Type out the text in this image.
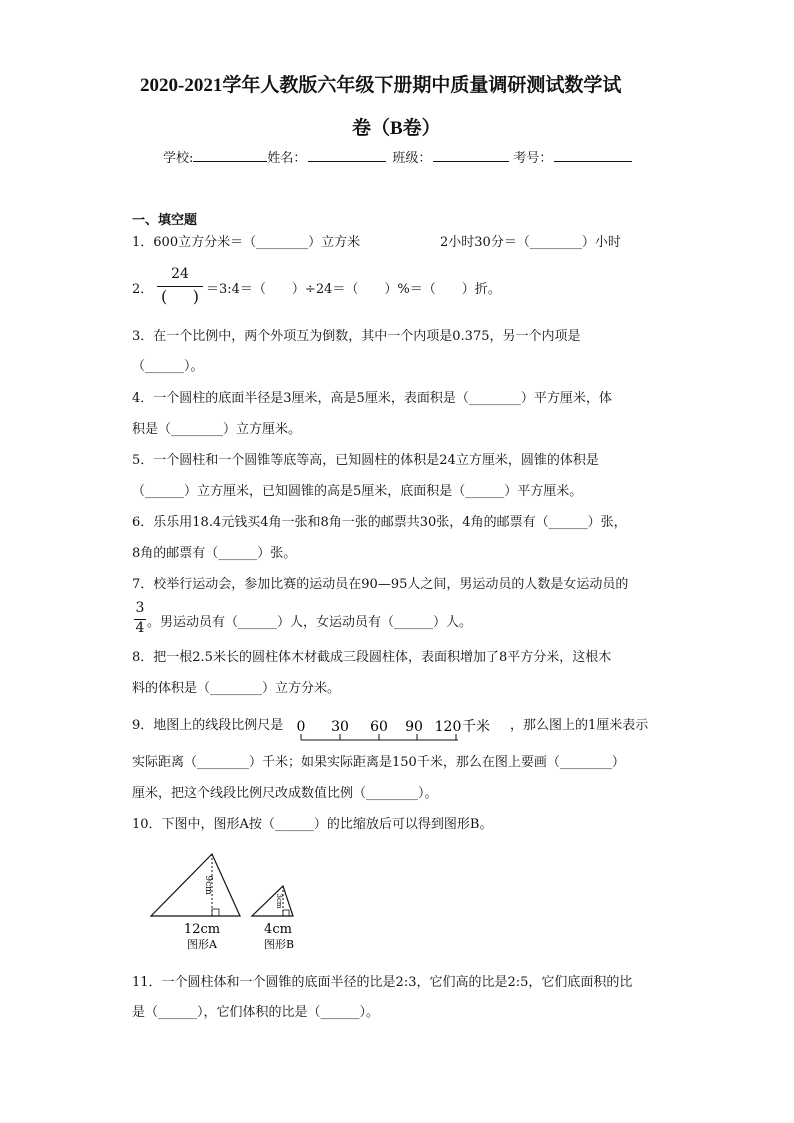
2020-2021学年人教版六年级下册期中质量调研测试数学试
卷（B卷）
学校:	姓名：	班级：	考号：
一、填空题
1．600立方分米＝（________）立方米	2小时30分＝（________）小时
2．
24
(     ) ＝3:4＝（　　）÷24＝（　　）%＝（　　）折。
3．在一个比例中，两个外项互为倒数，其中一个内项是0.375，另一个内项是
（______）。
4．一个圆柱的底面半径是3厘米，高是5厘米，表面积是（________）平方厘米，体
积是（________）立方厘米。
5．一个圆柱和一个圆锥等底等高，已知圆柱的体积是24立方厘米，圆锥的体积是
（______）立方厘米，已知圆锥的高是5厘米，底面积是（______）平方厘米。
6．乐乐用18.4元钱买4角一张和8角一张的邮票共30张，4角的邮票有（______）张，
8角的邮票有（______）张。
7．校举行运动会，参加比赛的运动员在90—95人之间，男运动员的人数是女运动员的
3
4 。男运动员有（______）人，女运动员有（______）人。
8．把一根2.5米长的圆柱体木材截成三段圆柱体，表面积增加了8平方分米，这根木
料的体积是（________）立方分米。
9．地图上的线段比例尺是 0 30 60 90 120 千米 ，那么图上的1厘米表示
实际距离（________）千米；如果实际距离是150千米，那么在图上要画（________）
厘米，把这个线段比例尺改成数值比例（________）。
10．下图中，图形A按（______）的比缩放后可以得到图形B。
9cm
12cm
图形A
3cm
4cm
图形B
11．一个圆柱体和一个圆锥的底面半径的比是2:3，它们高的比是2:5，它们底面积的比
是（______），它们体积的比是（______）。
